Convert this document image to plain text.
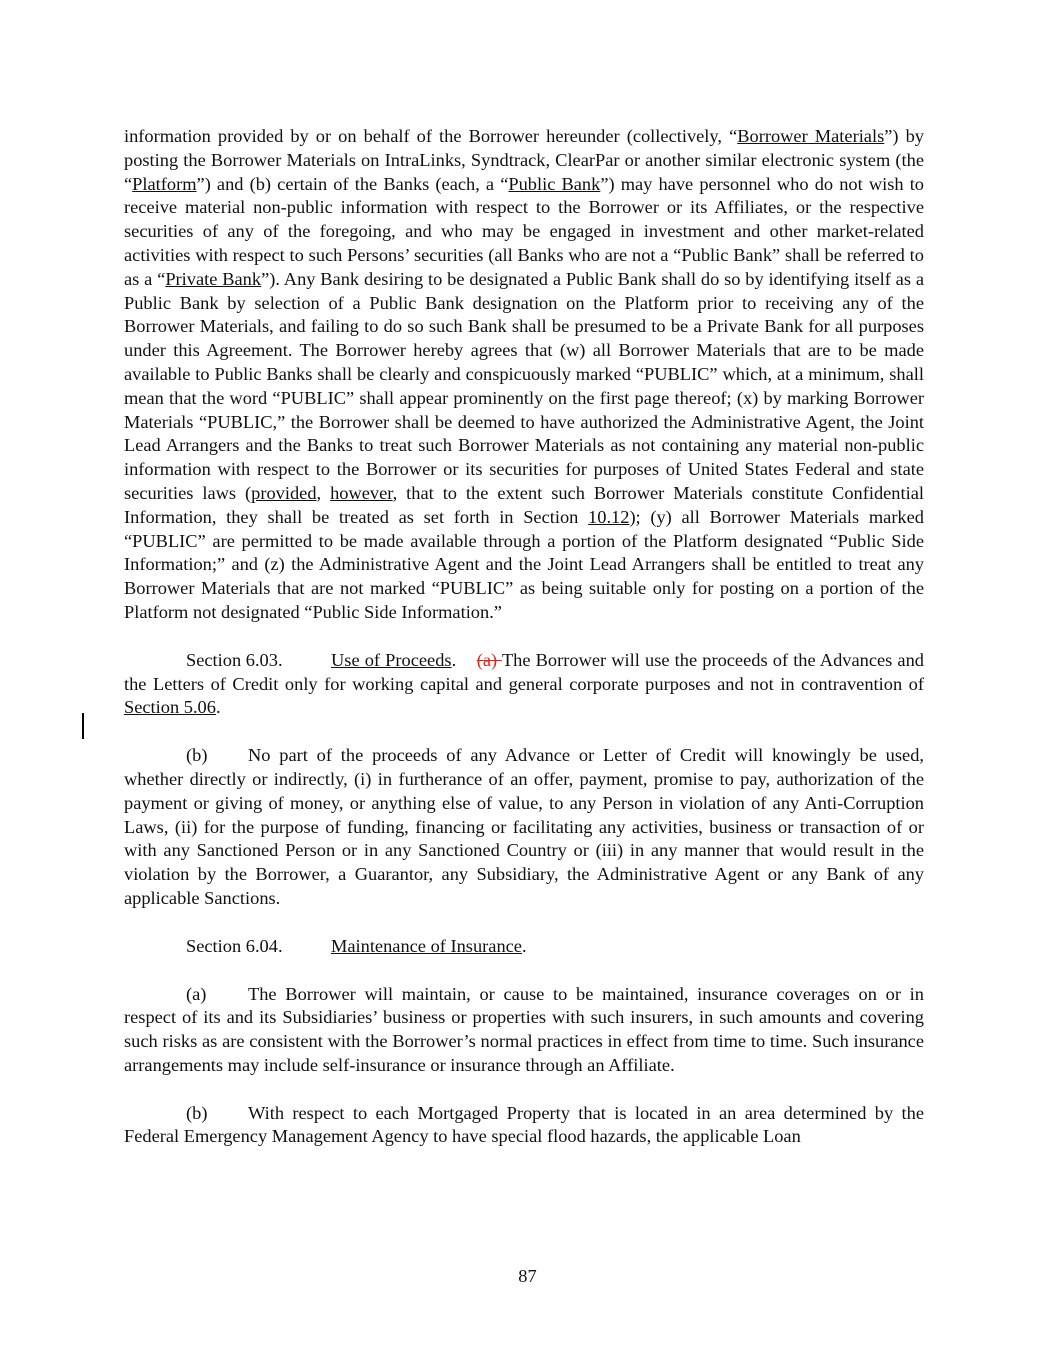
information provided by or on behalf of the Borrower hereunder (collectively, “Borrower Materials”) by posting the Borrower Materials on IntraLinks, Syndtrack, ClearPar or another similar electronic system (the “Platform”) and (b) certain of the Banks (each, a “Public Bank”) may have personnel who do not wish to receive material non-public information with respect to the Borrower or its Affiliates, or the respective securities of any of the foregoing, and who may be engaged in investment and other market-related activities with respect to such Persons’ securities (all Banks who are not a “Public Bank” shall be referred to as a “Private Bank”). Any Bank desiring to be designated a Public Bank shall do so by identifying itself as a Public Bank by selection of a Public Bank designation on the Platform prior to receiving any of the Borrower Materials, and failing to do so such Bank shall be presumed to be a Private Bank for all purposes under this Agreement. The Borrower hereby agrees that (w) all Borrower Materials that are to be made available to Public Banks shall be clearly and conspicuously marked “PUBLIC” which, at a minimum, shall mean that the word “PUBLIC” shall appear prominently on the first page thereof; (x) by marking Borrower Materials “PUBLIC,” the Borrower shall be deemed to have authorized the Administrative Agent, the Joint Lead Arrangers and the Banks to treat such Borrower Materials as not containing any material non-public information with respect to the Borrower or its securities for purposes of United States Federal and state securities laws (provided, however, that to the extent such Borrower Materials constitute Confidential Information, they shall be treated as set forth in Section 10.12); (y) all Borrower Materials marked “PUBLIC” are permitted to be made available through a portion of the Platform designated “Public Side Information;” and (z) the Administrative Agent and the Joint Lead Arrangers shall be entitled to treat any Borrower Materials that are not marked “PUBLIC” as being suitable only for posting on a portion of the Platform not designated “Public Side Information.”

Section 6.03.	Use of Proceeds. (a) The Borrower will use the proceeds of the Advances and the Letters of Credit only for working capital and general corporate purposes and not in contravention of Section 5.06.

(b) No part of the proceeds of any Advance or Letter of Credit will knowingly be used, whether directly or indirectly, (i) in furtherance of an offer, payment, promise to pay, authorization of the payment or giving of money, or anything else of value, to any Person in violation of any Anti-Corruption Laws, (ii) for the purpose of funding, financing or facilitating any activities, business or transaction of or with any Sanctioned Person or in any Sanctioned Country or (iii) in any manner that would result in the violation by the Borrower, a Guarantor, any Subsidiary, the Administrative Agent or any Bank of any applicable Sanctions.

Section 6.04.	Maintenance of Insurance.

(a) The Borrower will maintain, or cause to be maintained, insurance coverages on or in respect of its and its Subsidiaries’ business or properties with such insurers, in such amounts and covering such risks as are consistent with the Borrower’s normal practices in effect from time to time. Such insurance arrangements may include self-insurance or insurance through an Affiliate.

(b) With respect to each Mortgaged Property that is located in an area determined by the Federal Emergency Management Agency to have special flood hazards, the applicable Loan

87
